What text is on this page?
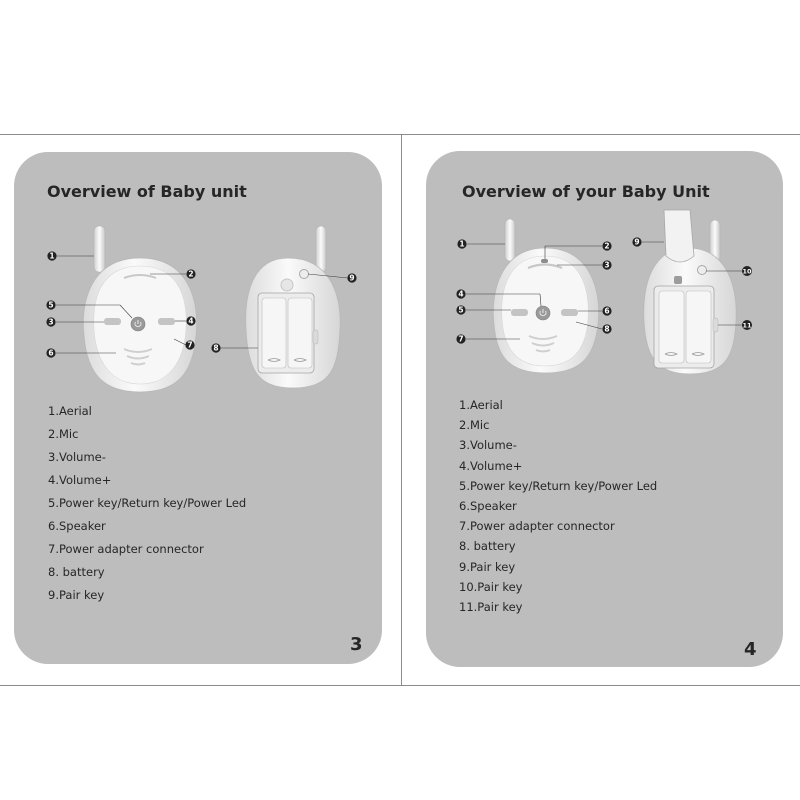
Overview of Baby unit
1.Aerial
2.Mic
3.Volume-
4.Volume+
5.Power key/Return key/Power Led
6.Speaker
7.Power adapter connector
8. battery
9.Pair key
3
Overview of your Baby Unit
1.Aerial
2.Mic
3.Volume-
4.Volume+
5.Power key/Return key/Power Led
6.Speaker
7.Power adapter connector
8. battery
9.Pair key
10.Pair key
11.Pair key
4
1
2
5
3	4
6
7	8
9
1	2
3
4
5	6
7
8
9
10
11
